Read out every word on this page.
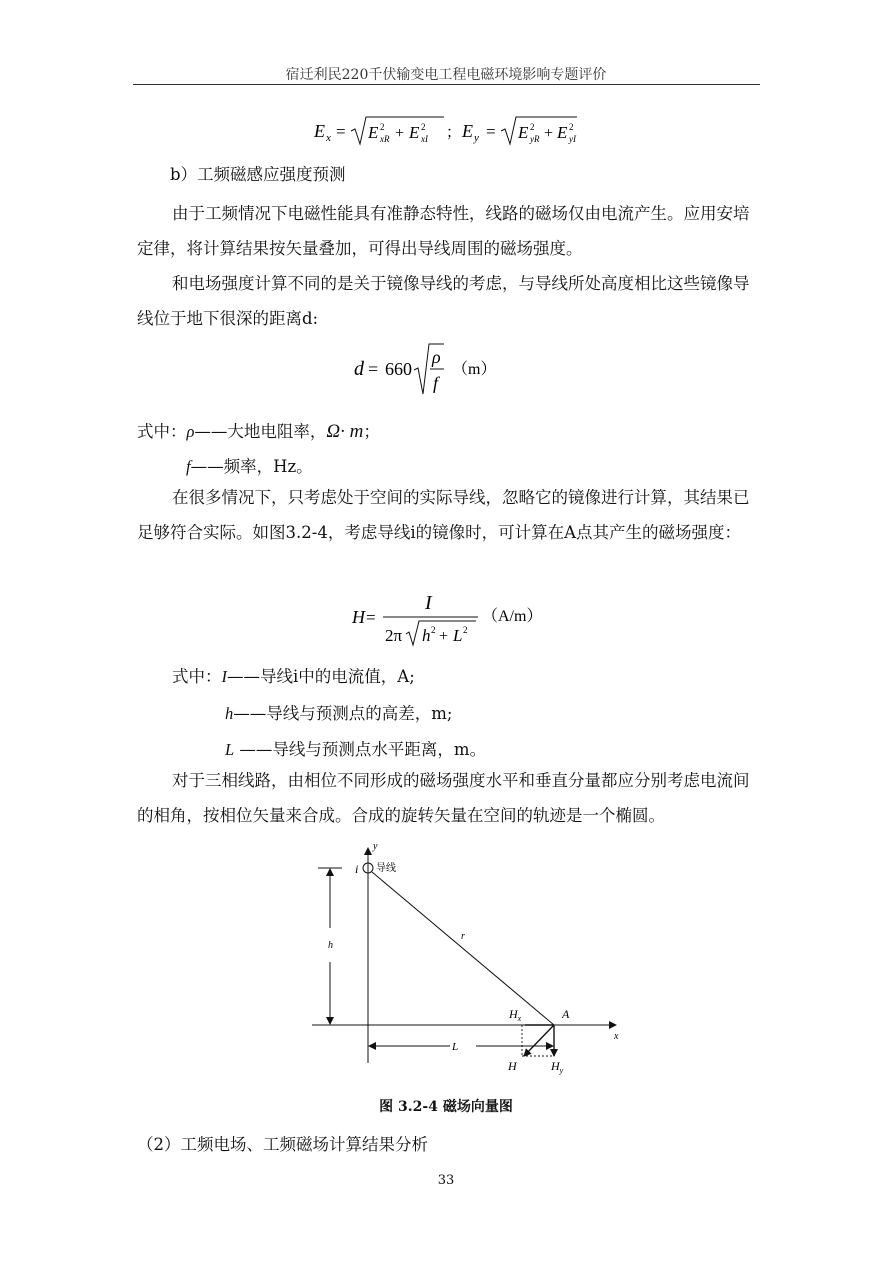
宿迁利民220千伏输变电工程电磁环境影响专题评价
E x = E 2
xR + E 2
xI ； E y = E 2
yR + E 2
yI
b）工频磁感应强度预测
由于工频情况下电磁性能具有准静态特性，线路的磁场仅由电流产生。应用安培定律，将计算结果按矢量叠加，可得出导线周围的磁场强度。
和电场强度计算不同的是关于镜像导线的考虑，与导线所处高度相比这些镜像导线位于地下很深的距离d:
d = 660
ρ
f
（m）
式中：ρ——大地电阻率，Ω· m；
f——频率，Hz。
在很多情况下，只考虑处于空间的实际导线，忽略它的镜像进行计算，其结果已足够符合实际。如图3.2-4，考虑导线i的镜像时，可计算在A点其产生的磁场强度：
H =
I
2π h 2 + L 2
（A/m）
式中：I——导线i中的电流值，A;
h——导线与预测点的高差，m;
L ——导线与预测点水平距离，m。
对于三相线路，由相位不同形成的磁场强度水平和垂直分量都应分别考虑电流间的相角，按相位矢量来合成。合成的旋转矢量在空间的轨迹是一个椭圆。
y
x
i 导线
h
r
A
$H_x$
L
H	$H_y$
图 3.2-4 磁场向量图
（2）工频电场、工频磁场计算结果分析
33
